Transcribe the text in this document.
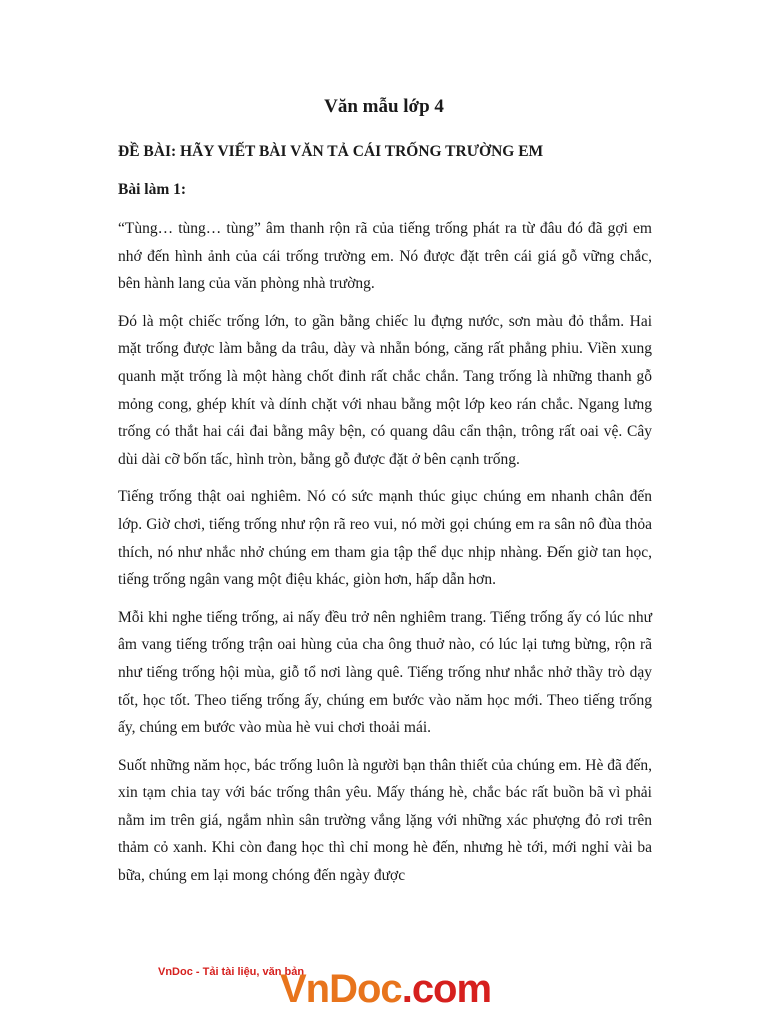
Văn mẫu lớp 4
ĐỀ BÀI: HÃY VIẾT BÀI VĂN TẢ CÁI TRỐNG TRƯỜNG EM
Bài làm 1:

“Tùng… tùng… tùng” âm thanh rộn rã của tiếng trống phát ra từ đâu đó đã gợi em nhớ đến hình ảnh của cái trống trường em. Nó được đặt trên cái giá gỗ vững chắc, bên hành lang của văn phòng nhà trường.

Đó là một chiếc trống lớn, to gần bằng chiếc lu đựng nước, sơn màu đỏ thắm. Hai mặt trống được làm bằng da trâu, dày và nhẵn bóng, căng rất phẳng phiu. Viền xung quanh mặt trống là một hàng chốt đinh rất chắc chắn. Tang trống là những thanh gỗ mỏng cong, ghép khít và dính chặt với nhau bằng một lớp keo rán chắc. Ngang lưng trống có thắt hai cái đai bằng mây bện, có quang dâu cẩn thận, trông rất oai vệ. Cây dùi dài cỡ bốn tấc, hình tròn, bằng gỗ được đặt ở bên cạnh trống.

Tiếng trống thật oai nghiêm. Nó có sức mạnh thúc giục chúng em nhanh chân đến lớp. Giờ chơi, tiếng trống như rộn rã reo vui, nó mời gọi chúng em ra sân nô đùa thỏa thích, nó như nhắc nhở chúng em tham gia tập thể dục nhịp nhàng. Đến giờ tan học, tiếng trống ngân vang một điệu khác, giòn hơn, hấp dẫn hơn.

Mỗi khi nghe tiếng trống, ai nấy đều trở nên nghiêm trang. Tiếng trống ấy có lúc như âm vang tiếng trống trận oai hùng của cha ông thuở nào, có lúc lại tưng bừng, rộn rã như tiếng trống hội mùa, giỗ tổ nơi làng quê. Tiếng trống như nhắc nhở thầy trò dạy tốt, học tốt. Theo tiếng trống ấy, chúng em bước vào năm học mới. Theo tiếng trống ấy, chúng em bước vào mùa hè vui chơi thoải mái.

Suốt những năm học, bác trống luôn là người bạn thân thiết của chúng em. Hè đã đến, xin tạm chia tay với bác trống thân yêu. Mấy tháng hè, chắc bác rất buồn bã vì phải nằm im trên giá, ngắm nhìn sân trường vắng lặng với những xác phượng đỏ rơi trên thảm cỏ xanh. Khi còn đang học thì chỉ mong hè đến, nhưng hè tới, mới nghỉ vài ba bữa, chúng em lại mong chóng đến ngày được

VnDoc - Tải tài liệu, văn bản
VnDoc.com
